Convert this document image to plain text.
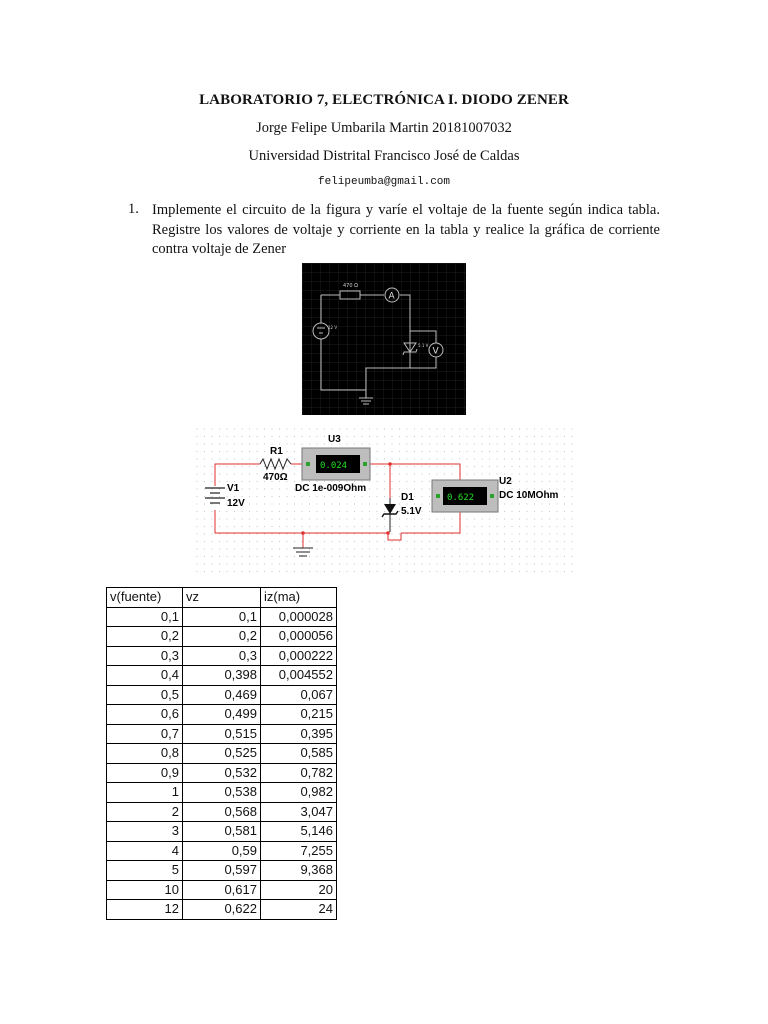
LABORATORIO 7, ELECTRÓNICA I. DIODO ZENER
Jorge Felipe Umbarila Martin 20181007032
Universidad Distrital Francisco José de Caldas
felipeumba@gmail.com
1. Implemente el circuito de la figura y varíe el voltaje de la fuente según indica tabla. Registre los valores de voltaje y corriente en la tabla y realice la gráfica de corriente contra voltaje de Zener
470 Ω
12 V
5.1 V
A
V
R1
470Ω
U3
0.024
DC 1e-009Ohm
V1
12V
D1
5.1V
0.622
U2
DC 10MOhm
v(fuente)	vz	iz(ma)
0,1	0,1	0,000028
0,2	0,2	0,000056
0,3	0,3	0,000222
0,4	0,398	0,004552
0,5	0,469	0,067
0,6	0,499	0,215
0,7	0,515	0,395
0,8	0,525	0,585
0,9	0,532	0,782
1	0,538	0,982
2	0,568	3,047
3	0,581	5,146
4	0,59	7,255
5	0,597	9,368
10	0,617	20
12	0,622	24
